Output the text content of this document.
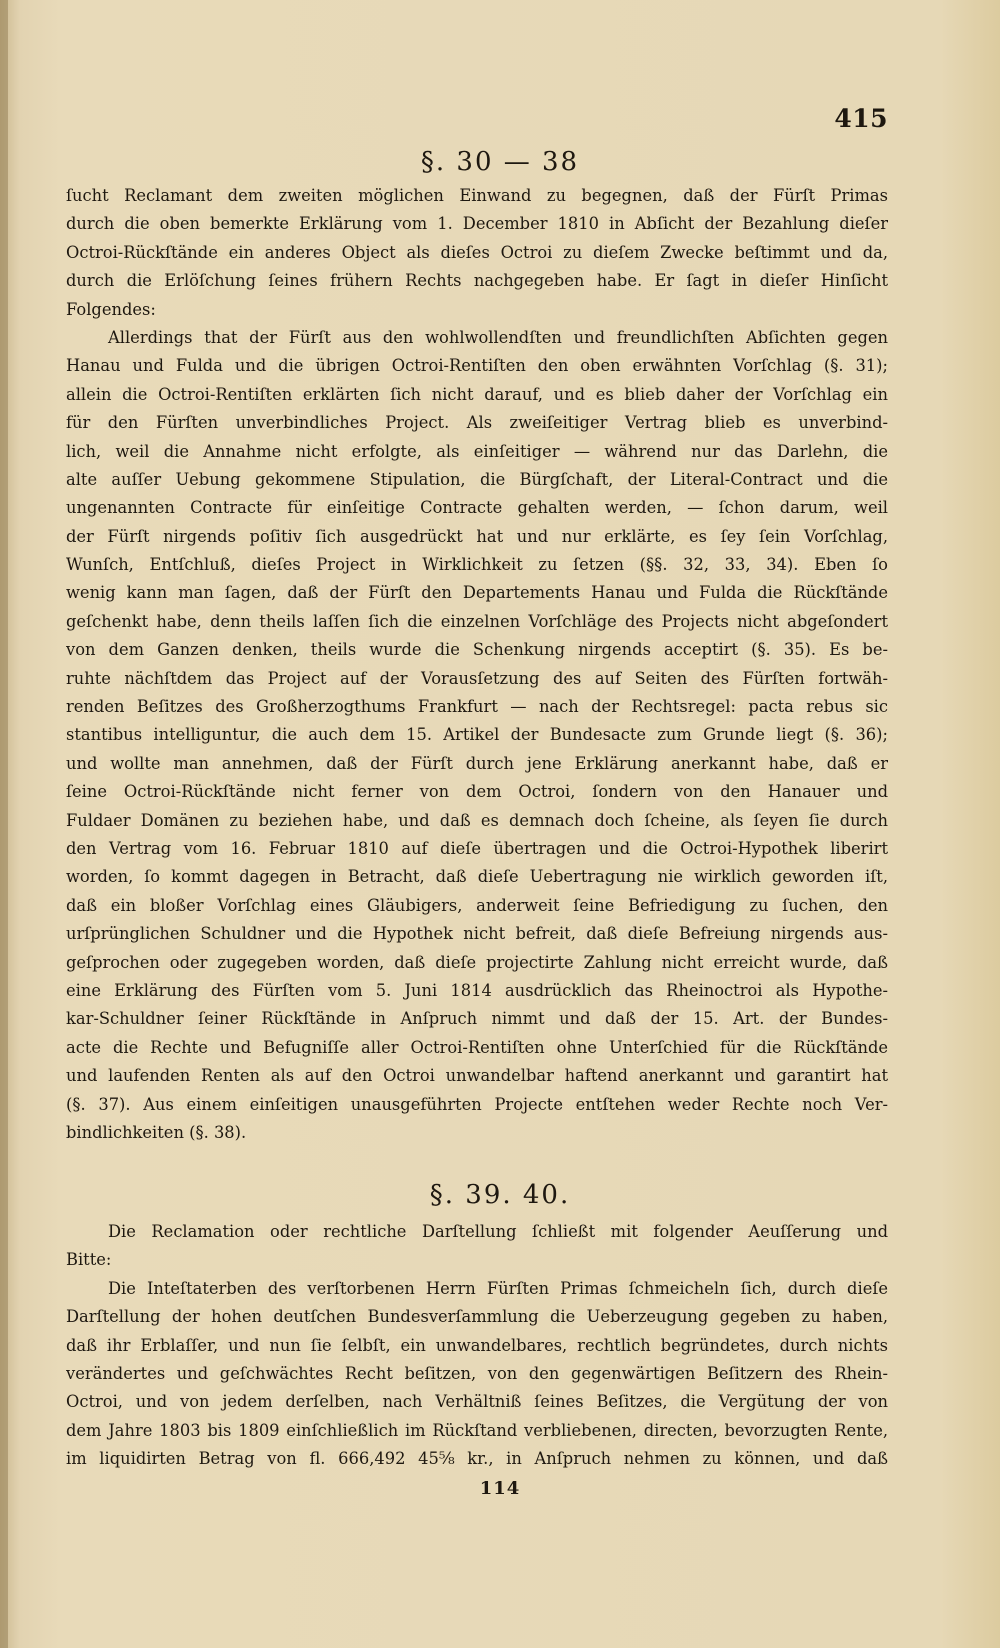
415
§. 30 — 38
ſucht Reclamant dem zweiten möglichen Einwand zu begegnen, daß der Fürſt Primas
durch die oben bemerkte Erklärung vom 1. December 1810 in Abſicht der Bezahlung dieſer
Octroi-Rückſtände ein anderes Object als dieſes Octroi zu dieſem Zwecke beſtimmt und da,
durch die Erlöſchung ſeines frühern Rechts nachgegeben habe. Er ſagt in dieſer Hinſicht
Folgendes:
Allerdings that der Fürſt aus den wohlwollendſten und freundlichſten Abſichten gegen
Hanau und Fulda und die übrigen Octroi-Rentiſten den oben erwähnten Vorſchlag (§. 31);
allein die Octroi-Rentiſten erklärten ſich nicht darauf, und es blieb daher der Vorſchlag ein
für den Fürſten unverbindliches Project. Als zweiſeitiger Vertrag blieb es unverbind-
lich, weil die Annahme nicht erfolgte, als einſeitiger — während nur das Darlehn, die
alte auſſer Uebung gekommene Stipulation, die Bürgſchaft, der Literal-Contract und die
ungenannten Contracte für einſeitige Contracte gehalten werden, — ſchon darum, weil
der Fürſt nirgends poſitiv ſich ausgedrückt hat und nur erklärte, es ſey ſein Vorſchlag,
Wunſch, Entſchluß, dieſes Project in Wirklichkeit zu ſetzen (§§. 32, 33, 34). Eben ſo
wenig kann man ſagen, daß der Fürſt den Departements Hanau und Fulda die Rückſtände
geſchenkt habe, denn theils laſſen ſich die einzelnen Vorſchläge des Projects nicht abgeſondert
von dem Ganzen denken, theils wurde die Schenkung nirgends acceptirt (§. 35). Es be-
ruhte nächſtdem das Project auf der Vorausſetzung des auf Seiten des Fürſten fortwäh-
renden Beſitzes des Großherzogthums Frankfurt — nach der Rechtsregel: pacta rebus sic
stantibus intelliguntur, die auch dem 15. Artikel der Bundesacte zum Grunde liegt (§. 36);
und wollte man annehmen, daß der Fürſt durch jene Erklärung anerkannt habe, daß er
ſeine Octroi-Rückſtände nicht ferner von dem Octroi, ſondern von den Hanauer und
Fuldaer Domänen zu beziehen habe, und daß es demnach doch ſcheine, als ſeyen ſie durch
den Vertrag vom 16. Februar 1810 auf dieſe übertragen und die Octroi-Hypothek liberirt
worden, ſo kommt dagegen in Betracht, daß dieſe Uebertragung nie wirklich geworden iſt,
daß ein bloßer Vorſchlag eines Gläubigers, anderweit ſeine Befriedigung zu ſuchen, den
urſprünglichen Schuldner und die Hypothek nicht befreit, daß dieſe Befreiung nirgends aus-
geſprochen oder zugegeben worden, daß dieſe projectirte Zahlung nicht erreicht wurde, daß
eine Erklärung des Fürſten vom 5. Juni 1814 ausdrücklich das Rheinoctroi als Hypothe-
kar-Schuldner ſeiner Rückſtände in Anſpruch nimmt und daß der 15. Art. der Bundes-
acte die Rechte und Befugniſſe aller Octroi-Rentiſten ohne Unterſchied für die Rückſtände
und laufenden Renten als auf den Octroi unwandelbar haftend anerkannt und garantirt hat
(§. 37). Aus einem einſeitigen unausgeführten Projecte entſtehen weder Rechte noch Ver-
bindlichkeiten (§. 38).
§. 39. 40.
Die Reclamation oder rechtliche Darſtellung ſchließt mit folgender Aeuſſerung und
Bitte:
Die Inteſtaterben des verſtorbenen Herrn Fürſten Primas ſchmeicheln ſich, durch dieſe
Darſtellung der hohen deutſchen Bundesverſammlung die Ueberzeugung gegeben zu haben,
daß ihr Erblaſſer, und nun ſie ſelbſt, ein unwandelbares, rechtlich begründetes, durch nichts
verändertes und geſchwächtes Recht beſitzen, von den gegenwärtigen Beſitzern des Rhein-
Octroi, und von jedem derſelben, nach Verhältniß ſeines Beſitzes, die Vergütung der von
dem Jahre 1803 bis 1809 einſchließlich im Rückſtand verbliebenen, directen, bevorzugten Rente,
im liquidirten Betrag von fl. 666,492 45⅝ kr., in Anſpruch nehmen zu können, und daß
114
